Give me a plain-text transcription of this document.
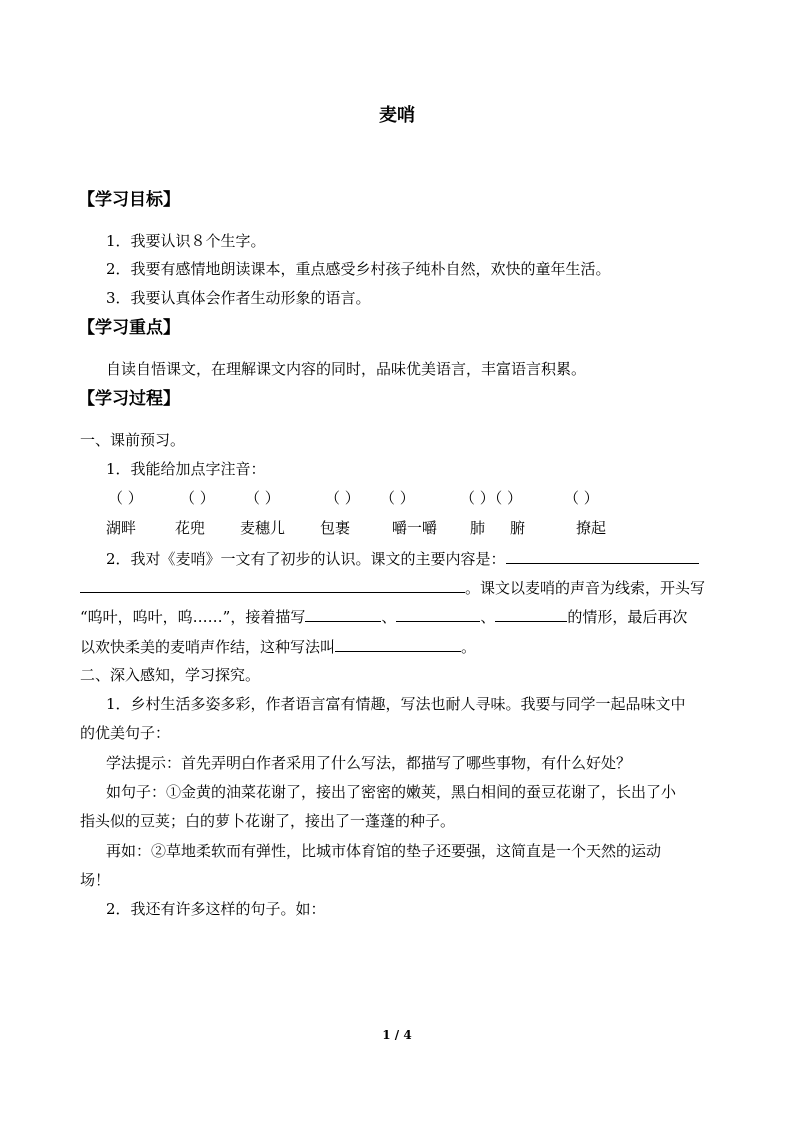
麦哨
【学习目标】
1．我要认识８个生字。
2．我要有感情地朗读课本，重点感受乡村孩子纯朴自然，欢快的童年生活。
3．我要认真体会作者生动形象的语言。
【学习重点】
自读自悟课文，在理解课文内容的同时，品味优美语言，丰富语言积累。
【学习过程】
一、课前预习。
1．我能给加点字注音：
（ ） （ ） （ ）	（ ） （ ）	（ ）（ ）	（ ）
湖畔	花兜 麦穗儿 包裹	嚼一嚼 肺 腑	撩起
2．我对《麦哨》一文有了初步的认识。课文的主要内容是：
。课文以麦哨的声音为线索，开头写
“呜叶，呜叶，呜……”，接着描写	、	、	的情形，最后再次
以欢快柔美的麦哨声作结，这种写法叫	。
二、深入感知，学习探究。
1．乡村生活多姿多彩，作者语言富有情趣，写法也耐人寻味。我要与同学一起品味文中
的优美句子：
学法提示：首先弄明白作者采用了什么写法，都描写了哪些事物，有什么好处？
如句子：①金黄的油菜花谢了，接出了密密的嫩荚，黑白相间的蚕豆花谢了，长出了小
指头似的豆荚；白的萝卜花谢了，接出了一蓬蓬的种子。
再如：②草地柔软而有弹性，比城市体育馆的垫子还要强，这简直是一个天然的运动
场！
2．我还有许多这样的句子。如：
1 / 4
